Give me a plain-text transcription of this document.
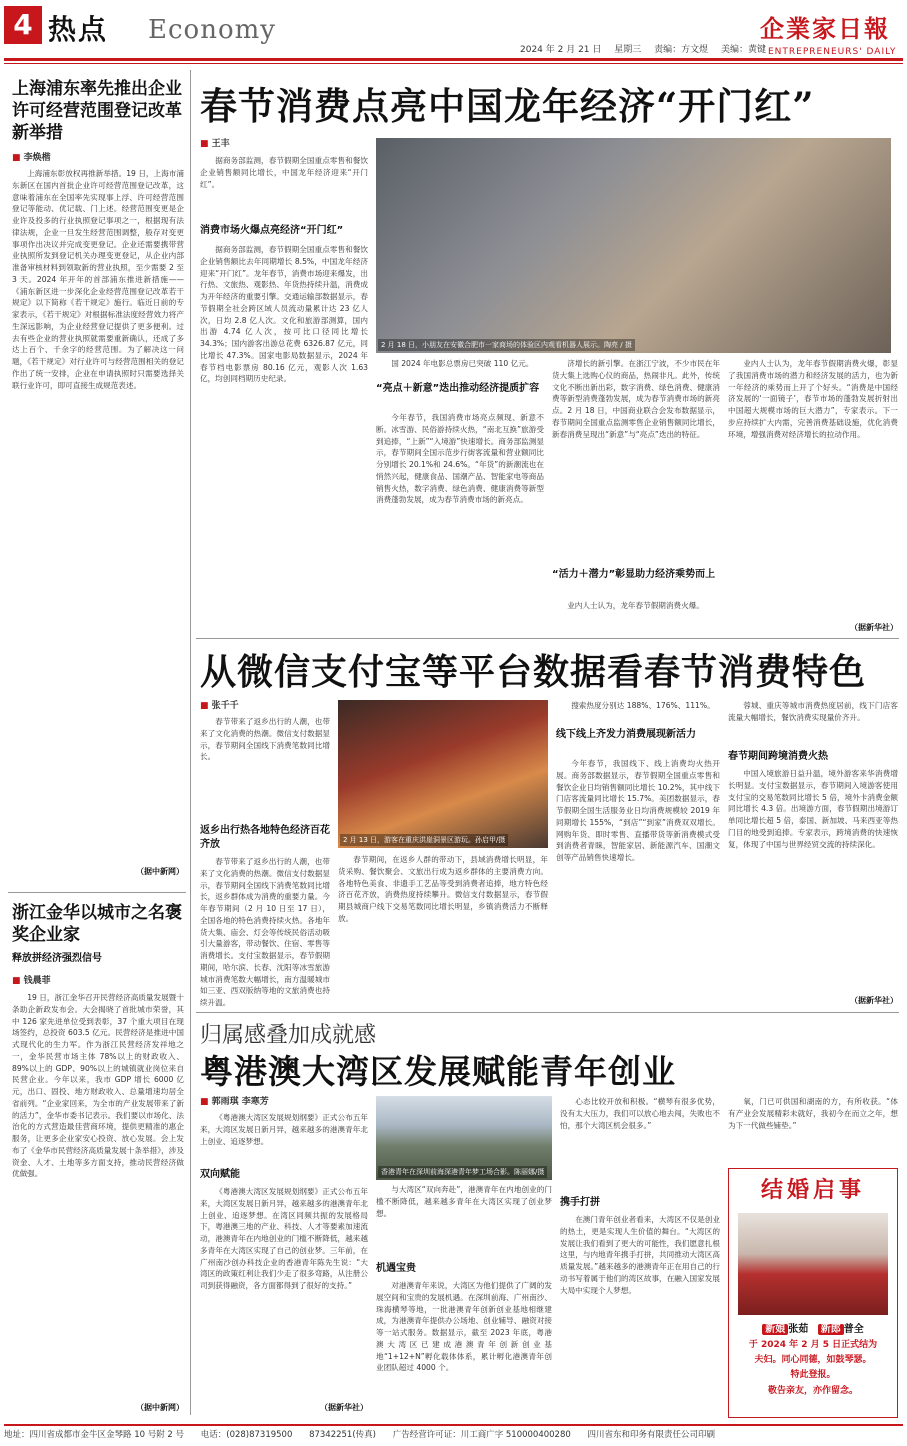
4 热点 Economy
2024 年 2 月 21 日 星期三 责编：方文煜 美编：黄键
企業家日報
ENTREPRENEURS' DAILY
上海浦东率先推出企业许可经营范围登记改革新举措
■ 李焕楷
上海浦东彰放权再推新举措。19 日，上海市浦东新区在国内首批企业许可经营范围登记改革，这意味着浦东在全国率先实现事上浮、许可经营范围登记等能动、优记载、门上述。经营范围变更是企业许及投多的行业执照登记事项之一，根据现有法律法规，企业一旦发生经营范围调整，般存对变更事项作出决议并完成变更登记。企业还需要携带营业执照所发到登记机关办理变更登记，从企业内部准备审核材料到领取新的营业执照，至少需要 2 至 3 天。2024 年开年的首部浦东推进新措施——《浦东新区进一步深化企业经营范围登记改革若干规定》以下简称《若干规定》施行。临近日前的专家表示，《若干规定》对根据标准法度经营效力将产生深远影响，为企业经营登记提供了更多便利。过去有些企业的营业执照就需要重新确认，还成了多达上百个、千余字的经营范围。为了解决这一问题，《若干规定》对行业许可与经营范围相关的登记作出了统一安排，企业在申请执照时只需要选择关联行业许可，即可直接生成规范表述。
（据中新网）
浙江金华以城市之名褒奖企业家
释放拼经济强烈信号
■ 钱晨菲
19 日，浙江金华召开民营经济高质量发展暨十条助企新政发布会。大会揭晓了首批城市荣誉，其中 126 家先进单位受到表彰，37 个重大项目在现场签约，总投资 603.5 亿元。民营经济是推进中国式现代化的生力军。作为浙江民营经济发祥地之一，金华民营市场主体 78%以上的财政收入、89%以上的 GDP、90%以上的城镇就业岗位来自民营企业。今年以来，我市 GDP 增长 6000 亿元，出口、固投、地方财政收入、总量增速均居全省前列。“企业家回来，为全市的产业发展带来了新的活力”，金华市委书记表示。我们要以市场化、法治化的方式营造最佳营商环境，提供更精准的惠企服务，让更多企业家安心投资、放心发展。会上发布了《金华市民营经济高质量发展十条举措》，涉及资金、人才、土地等多方面支持，推动民营经济做优做强。
（据中新网）
春节消费点亮中国龙年经济“开门红”
■ 王丰
据商务部监测，春节假期全国重点零售和餐饮企业销售额同比增长，中国龙年经济迎来“开门红”。
消费市场火爆点亮经济“开门红”
据商务部监测，春节假期全国重点零售和餐饮企业销售额比去年同期增长 8.5%，中国龙年经济迎来“开门红”。龙年春节，消费市场迎来爆发，出行热、文旅热、观影热、年货热持续升温，消费成为开年经济的重要引擎。交通运输部数据显示，春节假期全社会跨区域人员流动量累计达 23 亿人次，日均 2.8 亿人次。文化和旅游部测算，国内出游 4.74 亿人次，按可比口径同比增长 34.3%；国内游客出游总花费 6326.87 亿元，同比增长 47.3%。国家电影局数据显示，2024 年春节档电影票房 80.16 亿元，观影人次 1.63 亿，均创同档期历史纪录。
2 月 18 日，小朋友在安徽合肥市一家商场的体验区内观看机器人展示。陶亮 / 摄
国 2024 年电影总票房已突破 110 亿元。
“亮点＋新意”迭出推动经济提质扩容
今年春节，我国消费市场亮点频现、新意不断。冰雪游、民俗游持续火热，“南北互换”旅游受到追捧，“上新”“入境游”快速增长。商务部监测显示，春节期间全国示范步行街客流量和营业额同比分别增长 20.1%和 24.6%。“年货”的新潮流也在悄然兴起，健康食品、国潮产品、智能家电等商品销售火热，数字消费、绿色消费、健康消费等新型消费蓬勃发展，成为春节消费市场的新亮点。
济增长的新引擎。在浙江宁波，不少市民在年货大集上选购心仪的商品，热闹非凡。此外，传统文化不断出新出彩，数字消费、绿色消费、健康消费等新型消费蓬勃发展，成为春节消费市场的新亮点。2 月 18 日，中国商业联合会发布数据显示，春节期间全国重点监测零售企业销售额同比增长，新春消费呈现出“新意”与“亮点”迭出的特征。
“活力＋潜力”彰显助力经济乘势而上
业内人士认为，龙年春节假期消费火爆。
业内人士认为，龙年春节假期消费火爆，彰显了我国消费市场的潜力和经济发展的活力，也为新一年经济的乘势而上开了个好头。“消费是中国经济发展的‘一面镜子’，春节市场的蓬勃发展折射出中国超大规模市场的巨大潜力”，专家表示。下一步应持续扩大内需，完善消费基础设施，优化消费环境，增强消费对经济增长的拉动作用。
（据新华社）
从微信支付宝等平台数据看春节消费特色
■ 张千千
春节带来了返乡出行的人潮，也带来了文化消费的热潮。微信支付数据显示，春节期间全国线下消费笔数同比增长。
2 月 13 日，游客在重庆洪崖洞景区游玩。孙启甲/摄
返乡出行热各地特色经济百花齐放
春节带来了返乡出行的人潮，也带来了文化消费的热潮。微信支付数据显示，春节期间全国线下消费笔数同比增长，返乡群体成为消费的重要力量。今年春节期间（2 月 10 日至 17 日），全国各地的特色消费持续火热。各地年货大集、庙会、灯会等传统民俗活动吸引大量游客，带动餐饮、住宿、零售等消费增长。支付宝数据显示，春节假期期间，哈尔滨、长春、沈阳等冰雪旅游城市消费笔数大幅增长，南方温暖城市如三亚、西双版纳等地的文旅消费也持续升温。
春节期间，在返乡人群的带动下，县域消费增长明显，年货采购、餐饮聚会、文旅出行成为返乡群体的主要消费方向。各地特色美食、非遗手工艺品等受到消费者追捧，地方特色经济百花齐放，消费热度持续攀升。微信支付数据显示，春节假期县城商户线下交易笔数同比增长明显，乡镇消费活力不断释放。
搜索热度分别达 188%、176%、111%。
线下线上齐发力消费展现新活力
今年春节，我国线下、线上消费均火热开展。商务部数据显示，春节假期全国重点零售和餐饮企业日均销售额同比增长 10.2%，其中线下门店客流量同比增长 15.7%。美团数据显示，春节假期全国生活服务业日均消费规模较 2019 年同期增长 155%，“到店”“到家”消费双双增长。网购年货、即时零售、直播带货等新消费模式受到消费者青睐，智能家居、新能源汽车、国潮文创等产品销售快速增长。
蓉城、重庆等城市消费热度居前，线下门店客流量大幅增长，餐饮消费实现量价齐升。
春节期间跨境消费火热
中国入境旅游日益升温，境外游客来华消费增长明显。支付宝数据显示，春节期间入境游客使用支付宝的交易笔数同比增长 5 倍，境外卡消费金额同比增长 4.3 倍。出境游方面，春节假期出境游订单同比增长超 5 倍，泰国、新加坡、马来西亚等热门目的地受到追捧。专家表示，跨境消费的快速恢复，体现了中国与世界经贸交流的持续深化。
（据新华社）
归属感叠加成就感
粤港澳大湾区发展赋能青年创业
■ 郭雨琪 李寒芳
《粤港澳大湾区发展规划纲要》正式公布五年来，大湾区发展日新月异，越来越多的港澳青年北上创业、追逐梦想。
双向赋能
《粤港澳大湾区发展规划纲要》正式公布五年来，大湾区发展日新月异，越来越多的港澳青年北上创业、追逐梦想。在湾区同频共振的发展格局下，粤港澳三地的产业、科技、人才等要素加速流动，港澳青年在内地创业的门槛不断降低，越来越多青年在大湾区实现了自己的创业梦。三年前，在广州南沙创办科技企业的香港青年陈先生说：“大湾区的政策红利让我们少走了很多弯路，从注册公司到获得融资，各方面都得到了很好的支持。”
（据新华社）
香港青年在深圳前海深港青年梦工场合影。陈丽娜/摄
与大湾区“双向奔赴”，港澳青年在内地创业的门槛不断降低，越来越多青年在大湾区实现了创业梦想。
机遇宝贵
对港澳青年来说，大湾区为他们提供了广阔的发展空间和宝贵的发展机遇。在深圳前海、广州南沙、珠海横琴等地，一批港澳青年创新创业基地相继建成，为港澳青年提供办公场地、创业辅导、融资对接等一站式服务。数据显示，截至 2023 年底，粤港澳大湾区已建成港澳青年创新创业基地“1+12+N”孵化载体体系，累计孵化港澳青年创业团队超过 4000 个。
心态比较开放和积极。“横琴有很多优势，没有太大压力，我们可以放心地去闯，失败也不怕，那个大湾区机会很多。”
携手打拼
在澳门青年创业者看来，大湾区不仅是创业的热土，更是实现人生价值的舞台。“大湾区的发展让我们看到了更大的可能性，我们愿意扎根这里，与内地青年携手打拼，共同推动大湾区高质量发展。”越来越多的港澳青年正在用自己的行动书写着属于他们的湾区故事，在融入国家发展大局中实现个人梦想。
氧，门已可供国和湖南的方，有所收获。“体有产业会发展精彩未就好，我初今在而立之年，想为下一代做些铺垫。”
结婚启事
新娘 张茹 新郎 普全
于 2024 年 2 月 5 日正式结为
夫妇。同心同德，如鼓琴瑟。
特此登报。
敬告亲友，亦作留念。
地址：四川省成都市金牛区金琴路 10 号附 2 号 电话：(028)87319500 87342251(传真) 广告经营许可证：川工商广字 510000400280 四川省东和印务有限责任公司印刷
